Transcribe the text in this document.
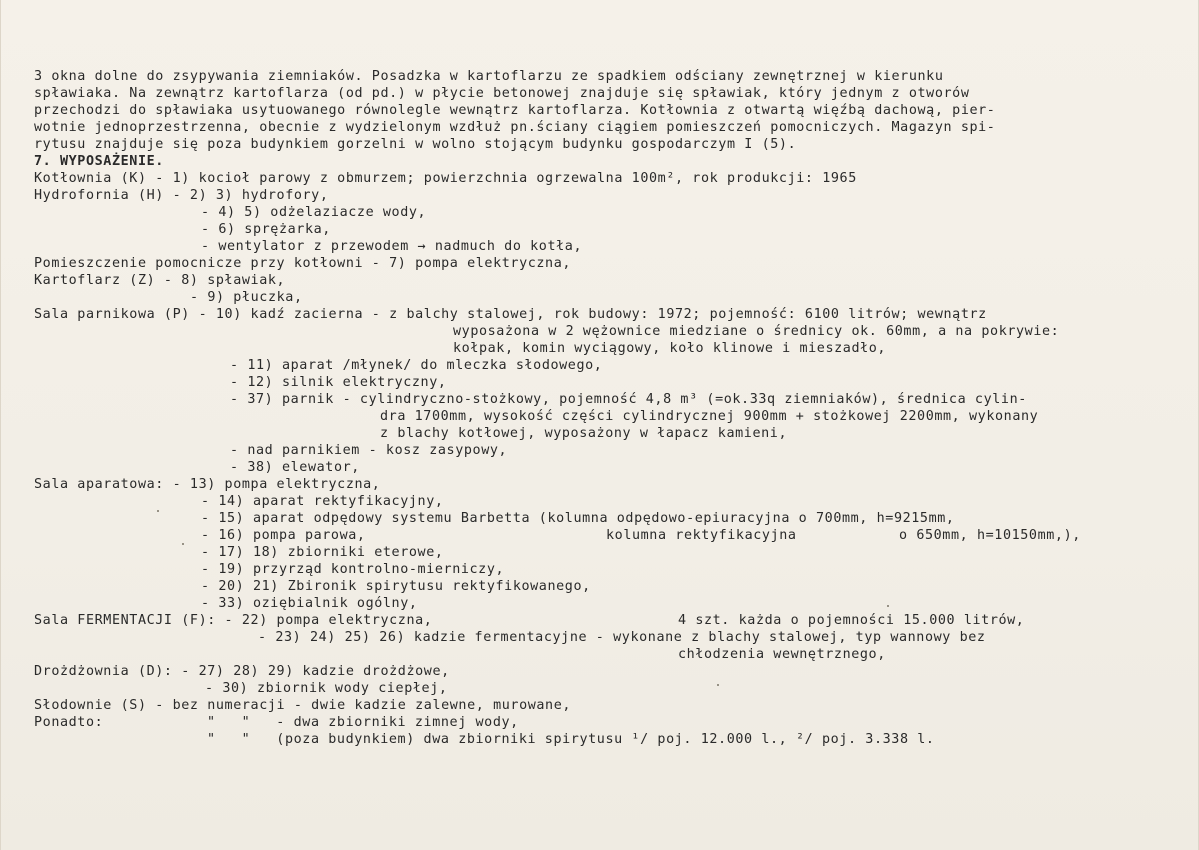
3 okna dolne do zsypywania ziemniaków. Posadzka w kartoflarzu ze spadkiem odściany zewnętrznej w kierunku
spławiaka. Na zewnątrz kartoflarza (od pd.) w płycie betonowej znajduje się spławiak, który jednym z otworów
przechodzi do spławiaka usytuowanego równolegle wewnątrz kartoflarza. Kotłownia z otwartą więźbą dachową, pier-
wotnie jednoprzestrzenna, obecnie z wydzielonym wzdłuż pn.ściany ciągiem pomieszczeń pomocniczych. Magazyn spi-
rytusu znajduje się poza budynkiem gorzelni w wolno stojącym budynku gospodarczym I (5).
7. WYPOSAŻENIE.
Kotłownia (K) - 1) kocioł parowy z obmurzem; powierzchnia ogrzewalna 100m², rok produkcji: 1965
Hydrofornia (H) - 2) 3) hydrofory,
- 4) 5) odżelaziacze wody,
- 6) sprężarka,
- wentylator z przewodem → nadmuch do kotła,
Pomieszczenie pomocnicze przy kotłowni - 7) pompa elektryczna,
Kartoflarz (Z) - 8) spławiak,
- 9) płuczka,
Sala parnikowa (P) - 10) kadź zacierna - z balchy stalowej, rok budowy: 1972; pojemność: 6100 litrów; wewnątrz
wyposażona w 2 wężownice miedziane o średnicy ok. 60mm, a na pokrywie:
kołpak, komin wyciągowy, koło klinowe i mieszadło,
- 11) aparat /młynek/ do mleczka słodowego,
- 12) silnik elektryczny,
- 37) parnik - cylindryczno-stożkowy, pojemność 4,8 m³ (=ok.33q ziemniaków), średnica cylin-
dra 1700mm, wysokość części cylindrycznej 900mm + stożkowej 2200mm, wykonany
z blachy kotłowej, wyposażony w łapacz kamieni,
- nad parnikiem - kosz zasypowy,
- 38) elewator,
Sala aparatowa: - 13) pompa elektryczna,
- 14) aparat rektyfikacyjny,
- 15) aparat odpędowy systemu Barbetta (kolumna odpędowo-epiuracyjna o 700mm, h=9215mm,
- 16) pompa parowa,	kolumna rektyfikacyjna	o 650mm, h=10150mm,),
- 17) 18) zbiorniki eterowe,
- 19) przyrząd kontrolno-mierniczy,
- 20) 21) Zbironik spirytusu rektyfikowanego,
- 33) oziębialnik ogólny,
Sala FERMENTACJI (F): - 22) pompa elektryczna,	4 szt. każda o pojemności 15.000 litrów,
- 23) 24) 25) 26) kadzie fermentacyjne - wykonane z blachy stalowej, typ wannowy bez
chłodzenia wewnętrznego,
Drożdżownia (D): - 27) 28) 29) kadzie drożdżowe,
- 30) zbiornik wody ciepłej,
Słodownie (S) - bez numeracji - dwie kadzie zalewne, murowane,
Ponadto:	"   "   - dwa zbiorniki zimnej wody,
"   "   (poza budynkiem) dwa zbiorniki spirytusu ¹/ poj. 12.000 l., ²/ poj. 3.338 l.
